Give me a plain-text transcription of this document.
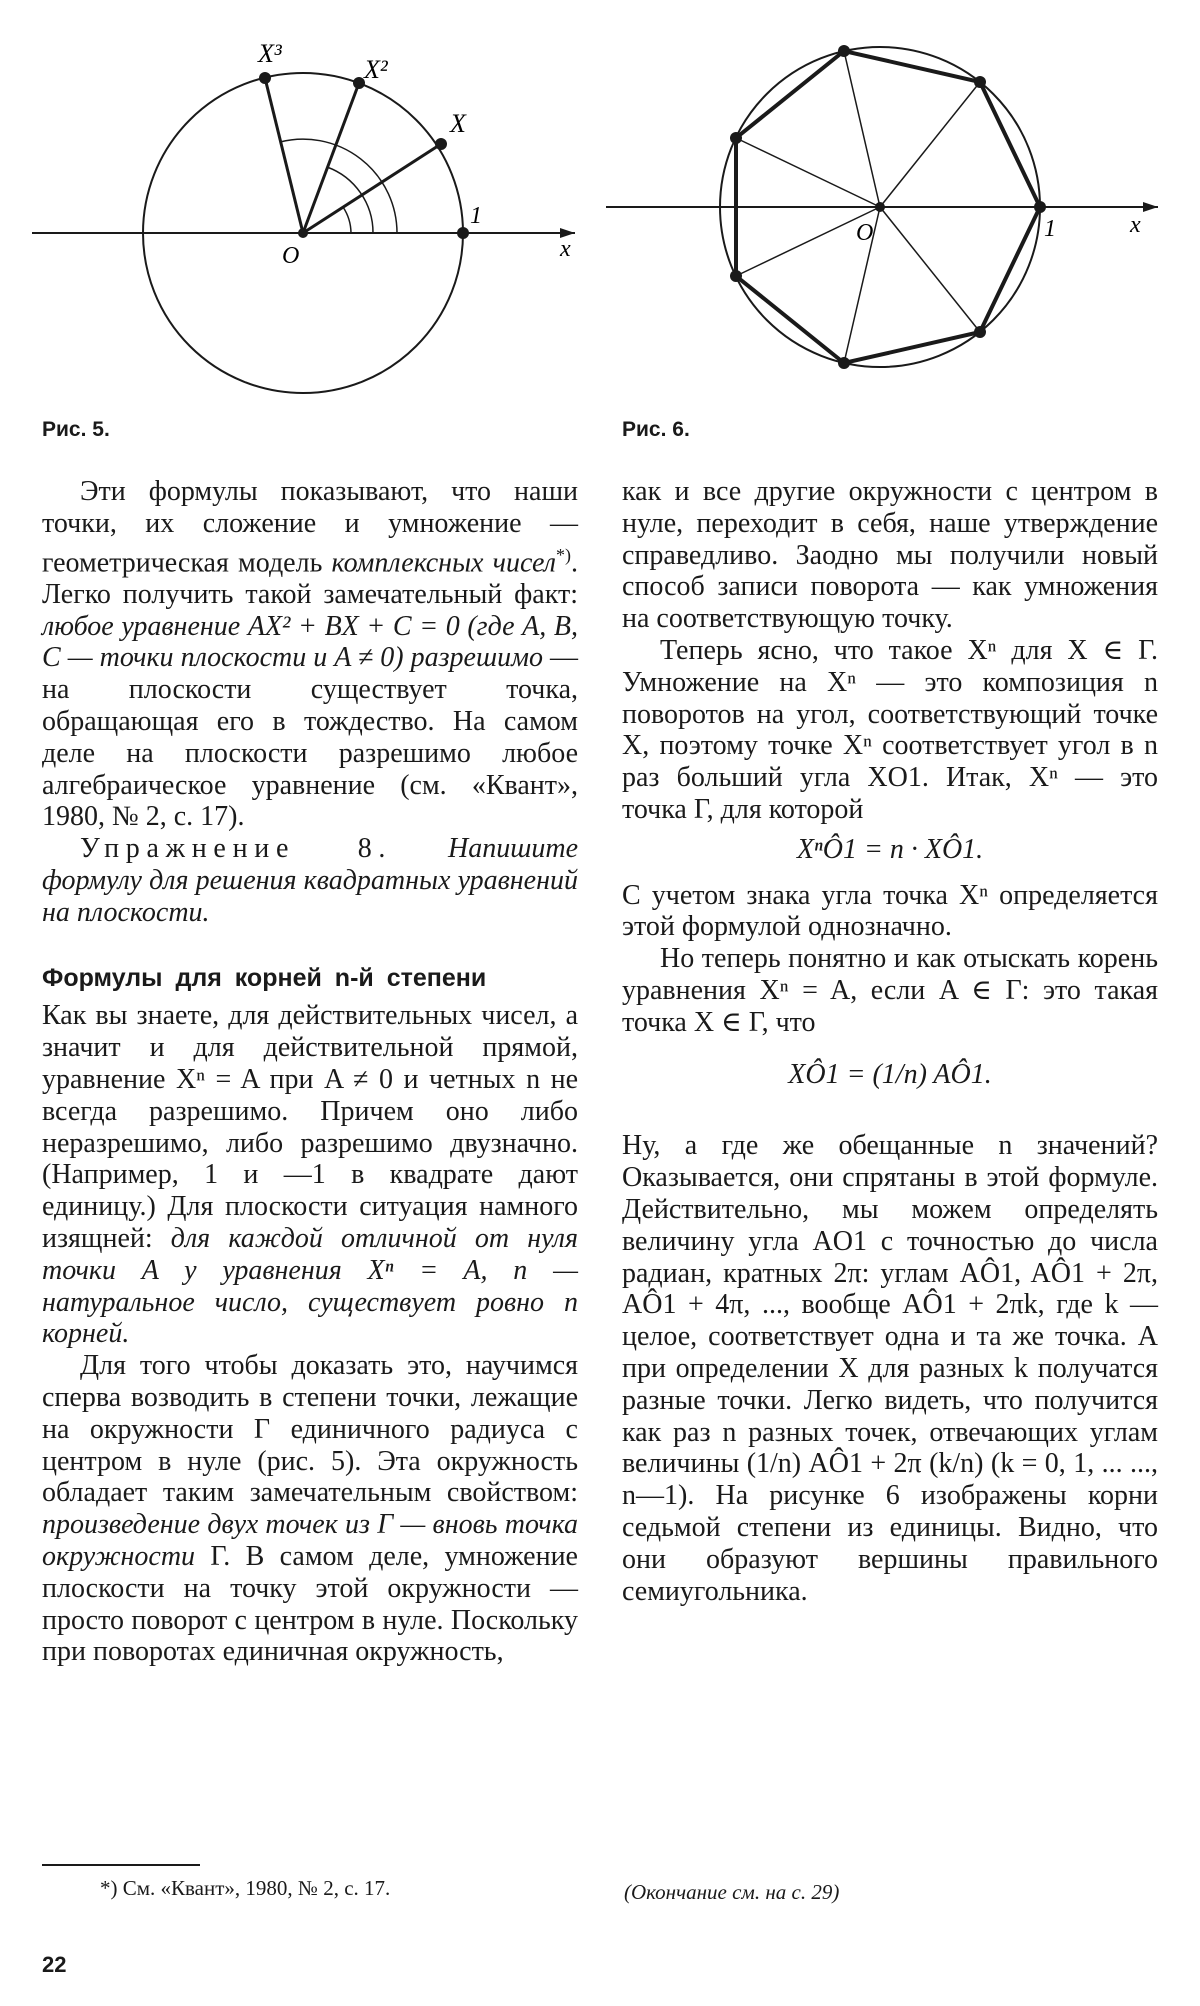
X³
X²
X
1
O	x
O	1	x
Рис. 5.	Рис. 6.

Эти формулы показывают, что наши точки, их сложение и умножение — геометрическая модель комплексных чисел*). Легко получить такой замечательный факт: любое уравнение AX² + BX + C = 0 (где A, B, C — точки плоскости и A ≠ 0) разрешимо — на плоскости существует точка, обращающая его в тождество. На самом деле на плоскости разрешимо любое алгебраическое уравнение (см. «Квант», 1980, № 2, с. 17).

Упражнение 8. Напишите формулу для решения квадратных уравнений на плоскости.

Формулы для корней n-й степени

Как вы знаете, для действительных чисел, а значит и для действительной прямой, уравнение Xⁿ = A при A ≠ 0 и четных n не всегда разрешимо. Причем оно либо неразрешимо, либо разрешимо двузначно. (Например, 1 и —1 в квадрате дают единицу.) Для плоскости ситуация намного изящней: для каждой отличной от нуля точки A у уравнения Xⁿ = A, n — натуральное число, существует ровно n корней.

Для того чтобы доказать это, научимся сперва возводить в степени точки, лежащие на окружности Γ единичного радиуса с центром в нуле (рис. 5). Эта окружность обладает таким замечательным свойством: произведение двух точек из Γ — вновь точка окружности Γ. В самом деле, умножение плоскости на точку этой окружности — просто поворот с центром в нуле. Поскольку при поворотах единичная окружность,

как и все другие окружности с центром в нуле, переходит в себя, наше утверждение справедливо. Заодно мы получили новый способ записи поворота — как умножения на соответствующую точку.

Теперь ясно, что такое Xⁿ для X ∈ Γ. Умножение на Xⁿ — это композиция n поворотов на угол, соответствующий точке X, поэтому точке Xⁿ соответствует угол в n раз больший угла XO1. Итак, Xⁿ — это точка Γ, для которой

XⁿÔ1 = n · XÔ1.

С учетом знака угла точка Xⁿ определяется этой формулой однозначно.

Но теперь понятно и как отыскать корень уравнения Xⁿ = A, если A ∈ Γ: это такая точка X ∈ Γ, что

XÔ1 = (1/n) AÔ1.

Ну, а где же обещанные n значений? Оказывается, они спрятаны в этой формуле. Действительно, мы можем определять величину угла AO1 с точностью до числа радиан, кратных 2π: углам AÔ1, AÔ1 + 2π, AÔ1 + 4π, ..., вообще AÔ1 + 2πk, где k — целое, соответствует одна и та же точка. А при определении X для разных k получатся разные точки. Легко видеть, что получится как раз n разных точек, отвечающих углам величины (1/n) AÔ1 + 2π (k/n) (k = 0, 1, ... ..., n—1). На рисунке 6 изображены корни седьмой степени из единицы. Видно, что они образуют вершины правильного семиугольника.

*) См. «Квант», 1980, № 2, с. 17.	(Окончание см. на с. 29)
22
